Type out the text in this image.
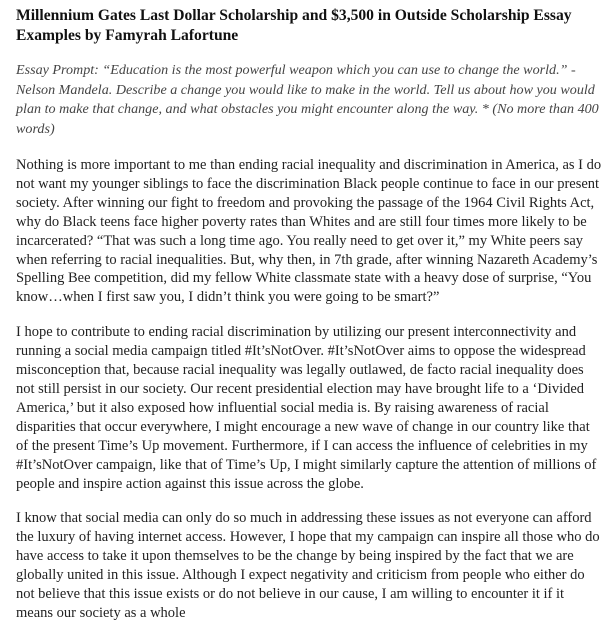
Millennium Gates Last Dollar Scholarship and $3,500 in Outside Scholarship Essay Examples by Famyrah Lafortune

Essay Prompt: “Education is the most powerful weapon which you can use to change the world.” - Nelson Mandela. Describe a change you would like to make in the world. Tell us about how you would plan to make that change, and what obstacles you might encounter along the way. * (No more than 400 words)

Nothing is more important to me than ending racial inequality and discrimination in America, as I do not want my younger siblings to face the discrimination Black people continue to face in our present society. After winning our fight to freedom and provoking the passage of the 1964 Civil Rights Act, why do Black teens face higher poverty rates than Whites and are still four times more likely to be incarcerated? “That was such a long time ago. You really need to get over it,” my White peers say when referring to racial inequalities. But, why then, in 7th grade, after winning Nazareth Academy’s Spelling Bee competition, did my fellow White classmate state with a heavy dose of surprise, “You know…when I first saw you, I didn’t think you were going to be smart?”

I hope to contribute to ending racial discrimination by utilizing our present interconnectivity and running a social media campaign titled #It’sNotOver. #It’sNotOver aims to oppose the widespread misconception that, because racial inequality was legally outlawed, de facto racial inequality does not still persist in our society. Our recent presidential election may have brought life to a ‘Divided America,’ but it also exposed how influential social media is. By raising awareness of racial disparities that occur everywhere, I might encourage a new wave of change in our country like that of the present Time’s Up movement. Furthermore, if I can access the influence of celebrities in my #It’sNotOver campaign, like that of Time’s Up, I might similarly capture the attention of millions of people and inspire action against this issue across the globe.

I know that social media can only do so much in addressing these issues as not everyone can afford the luxury of having internet access. However, I hope that my campaign can inspire all those who do have access to take it upon themselves to be the change by being inspired by the fact that we are globally united in this issue. Although I expect negativity and criticism from people who either do not believe that this issue exists or do not believe in our cause, I am willing to encounter it if it means our society as a whole
